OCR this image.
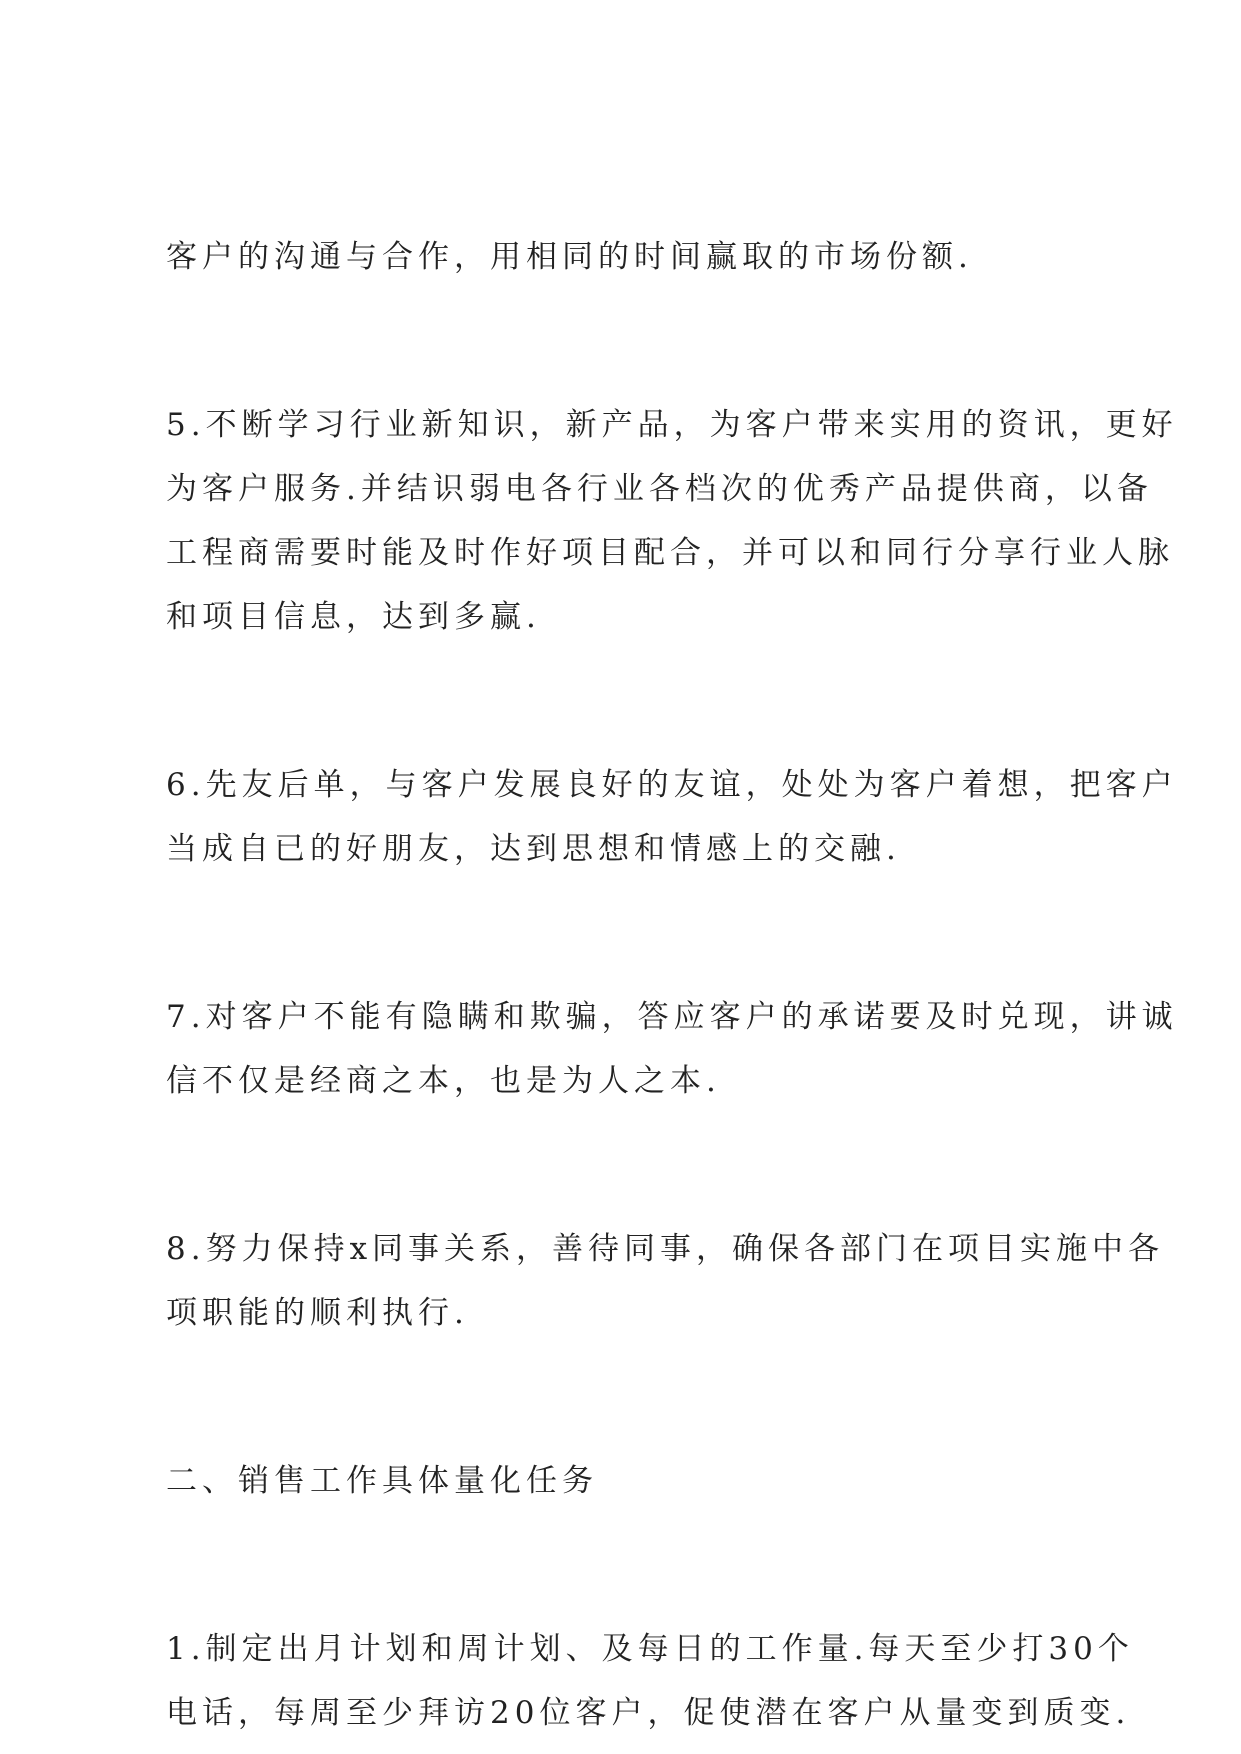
客户的沟通与合作，用相同的时间赢取的市场份额.

5.不断学习行业新知识，新产品，为客户带来实用的资讯，更好
为客户服务.并结识弱电各行业各档次的优秀产品提供商，以备
工程商需要时能及时作好项目配合，并可以和同行分享行业人脉
和项目信息，达到多赢.

6.先友后单，与客户发展良好的友谊，处处为客户着想，把客户
当成自已的好朋友，达到思想和情感上的交融.

7.对客户不能有隐瞒和欺骗，答应客户的承诺要及时兑现，讲诚
信不仅是经商之本，也是为人之本.

8.努力保持x同事关系，善待同事，确保各部门在项目实施中各
项职能的顺利执行.

二、销售工作具体量化任务

1.制定出月计划和周计划、及每日的工作量.每天至少打30个
电话，每周至少拜访20位客户，促使潜在客户从量变到质变.
